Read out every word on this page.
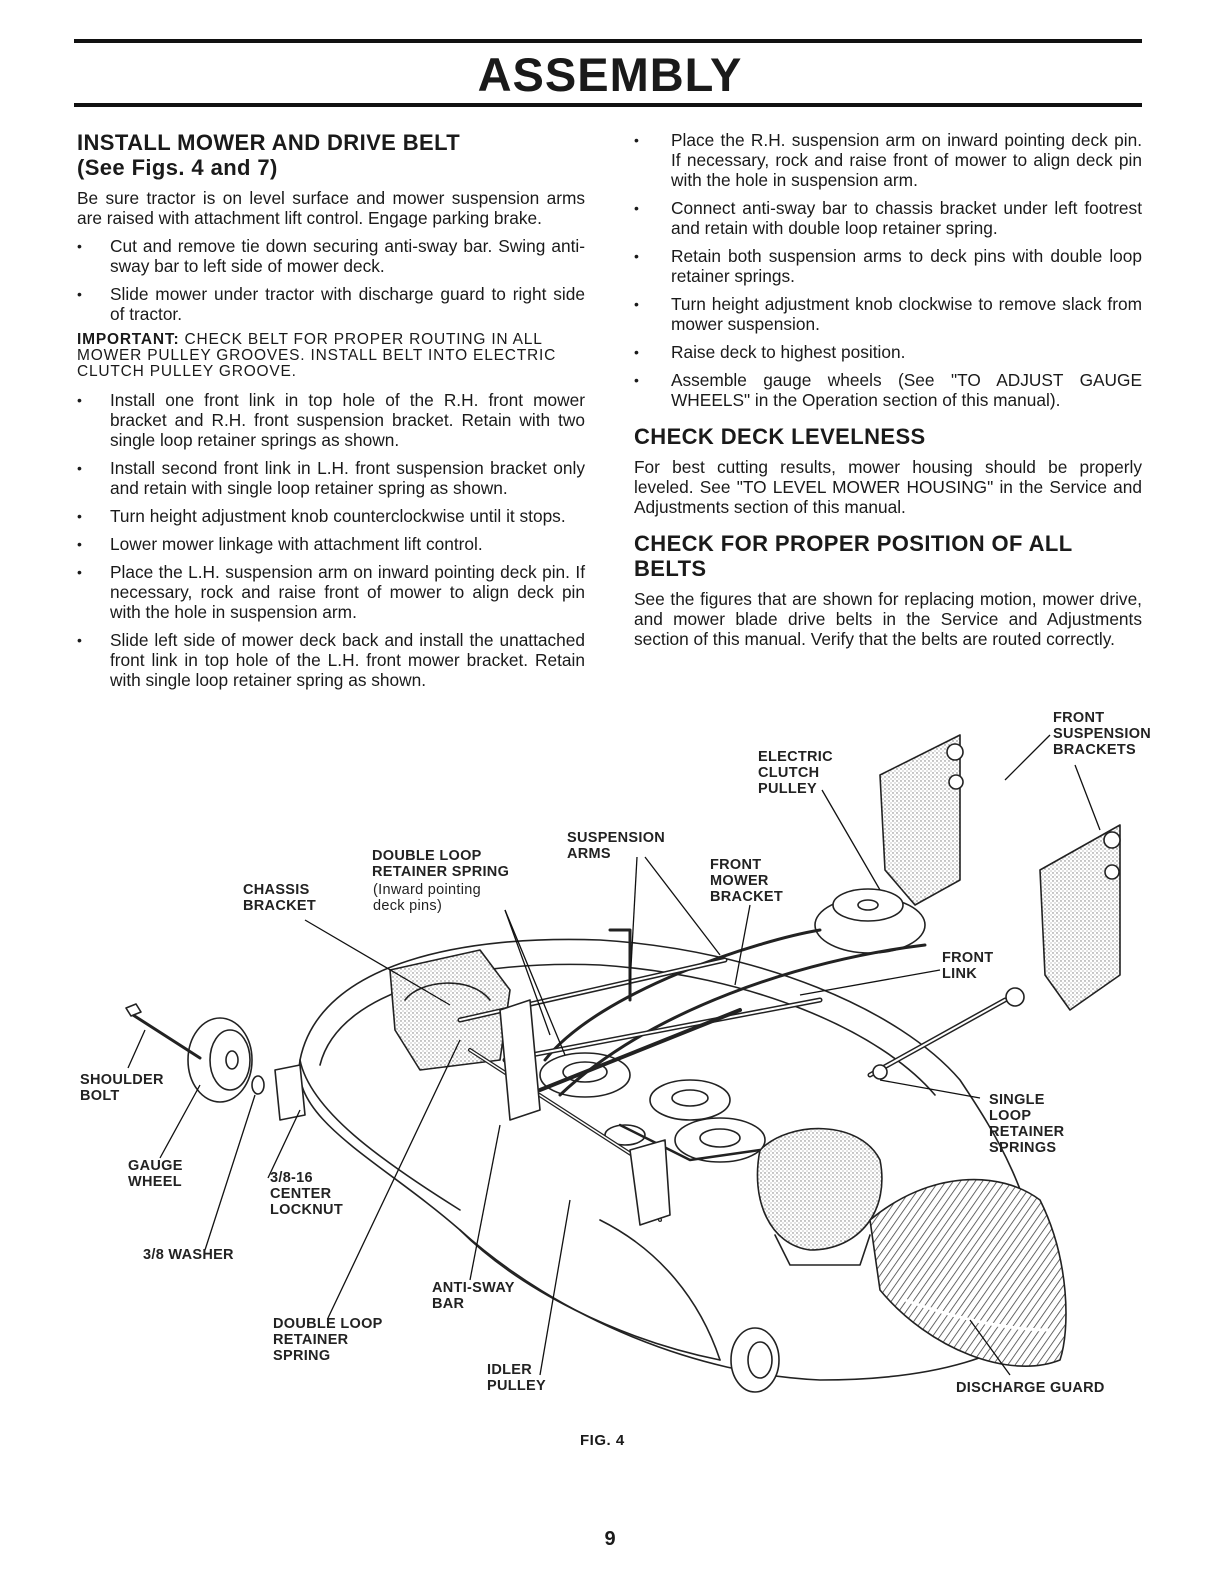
ASSEMBLY
INSTALL MOWER AND DRIVE BELT
(See Figs. 4 and 7)

Be sure tractor is on level surface and mower suspension arms are raised with attachment lift control. Engage parking brake.

• Cut and remove tie down securing anti-sway bar. Swing anti-sway bar to left side of mower deck.
• Slide mower under tractor with discharge guard to right side of tractor.

IMPORTANT: CHECK BELT FOR PROPER ROUTING IN ALL MOWER PULLEY GROOVES. INSTALL BELT INTO ELECTRIC CLUTCH PULLEY GROOVE.

• Install one front link in top hole of the R.H. front mower bracket and R.H. front suspension bracket. Retain with two single loop retainer springs as shown.
• Install second front link in L.H. front suspension bracket only and retain with single loop retainer spring as shown.
• Turn height adjustment knob counterclockwise until it stops.
• Lower mower linkage with attachment lift control.
• Place the L.H. suspension arm on inward pointing deck pin. If necessary, rock and raise front of mower to align deck pin with the hole in suspension arm.
• Slide left side of mower deck back and install the unattached front link in top hole of the L.H. front mower bracket. Retain with single loop retainer spring as shown.
• Place the R.H. suspension arm on inward pointing deck pin. If necessary, rock and raise front of mower to align deck pin with the hole in suspension arm.
• Connect anti-sway bar to chassis bracket under left footrest and retain with double loop retainer spring.
• Retain both suspension arms to deck pins with double loop retainer springs.
• Turn height adjustment knob clockwise to remove slack from mower suspension.
• Raise deck to highest position.
• Assemble gauge wheels (See "TO ADJUST GAUGE WHEELS" in the Operation section of this manual).
CHECK DECK LEVELNESS

For best cutting results, mower housing should be properly leveled. See "TO LEVEL MOWER HOUSING" in the Service and Adjustments section of this manual.

CHECK FOR PROPER POSITION OF ALL BELTS

See the figures that are shown for replacing motion, mower drive, and mower blade drive belts in the Service and Adjustments section of this manual. Verify that the belts are routed correctly.

FRONT
SUSPENSION
BRACKETS
ELECTRIC
CLUTCH
PULLEY
SUSPENSION
ARMS
DOUBLE LOOP
RETAINER SPRING
(Inward pointing
deck pins)
CHASSIS
BRACKET
FRONT
MOWER
BRACKET
FRONT
LINK
SHOULDER
BOLT
GAUGE
WHEEL	3/8-16
CENTER
LOCKNUT
3/8 WASHER
SINGLE
LOOP
RETAINER
SPRINGS
ANTI-SWAY
BAR
DOUBLE LOOP
RETAINER
SPRING
IDLER
PULLEY	DISCHARGE GUARD
FIG. 4
9
